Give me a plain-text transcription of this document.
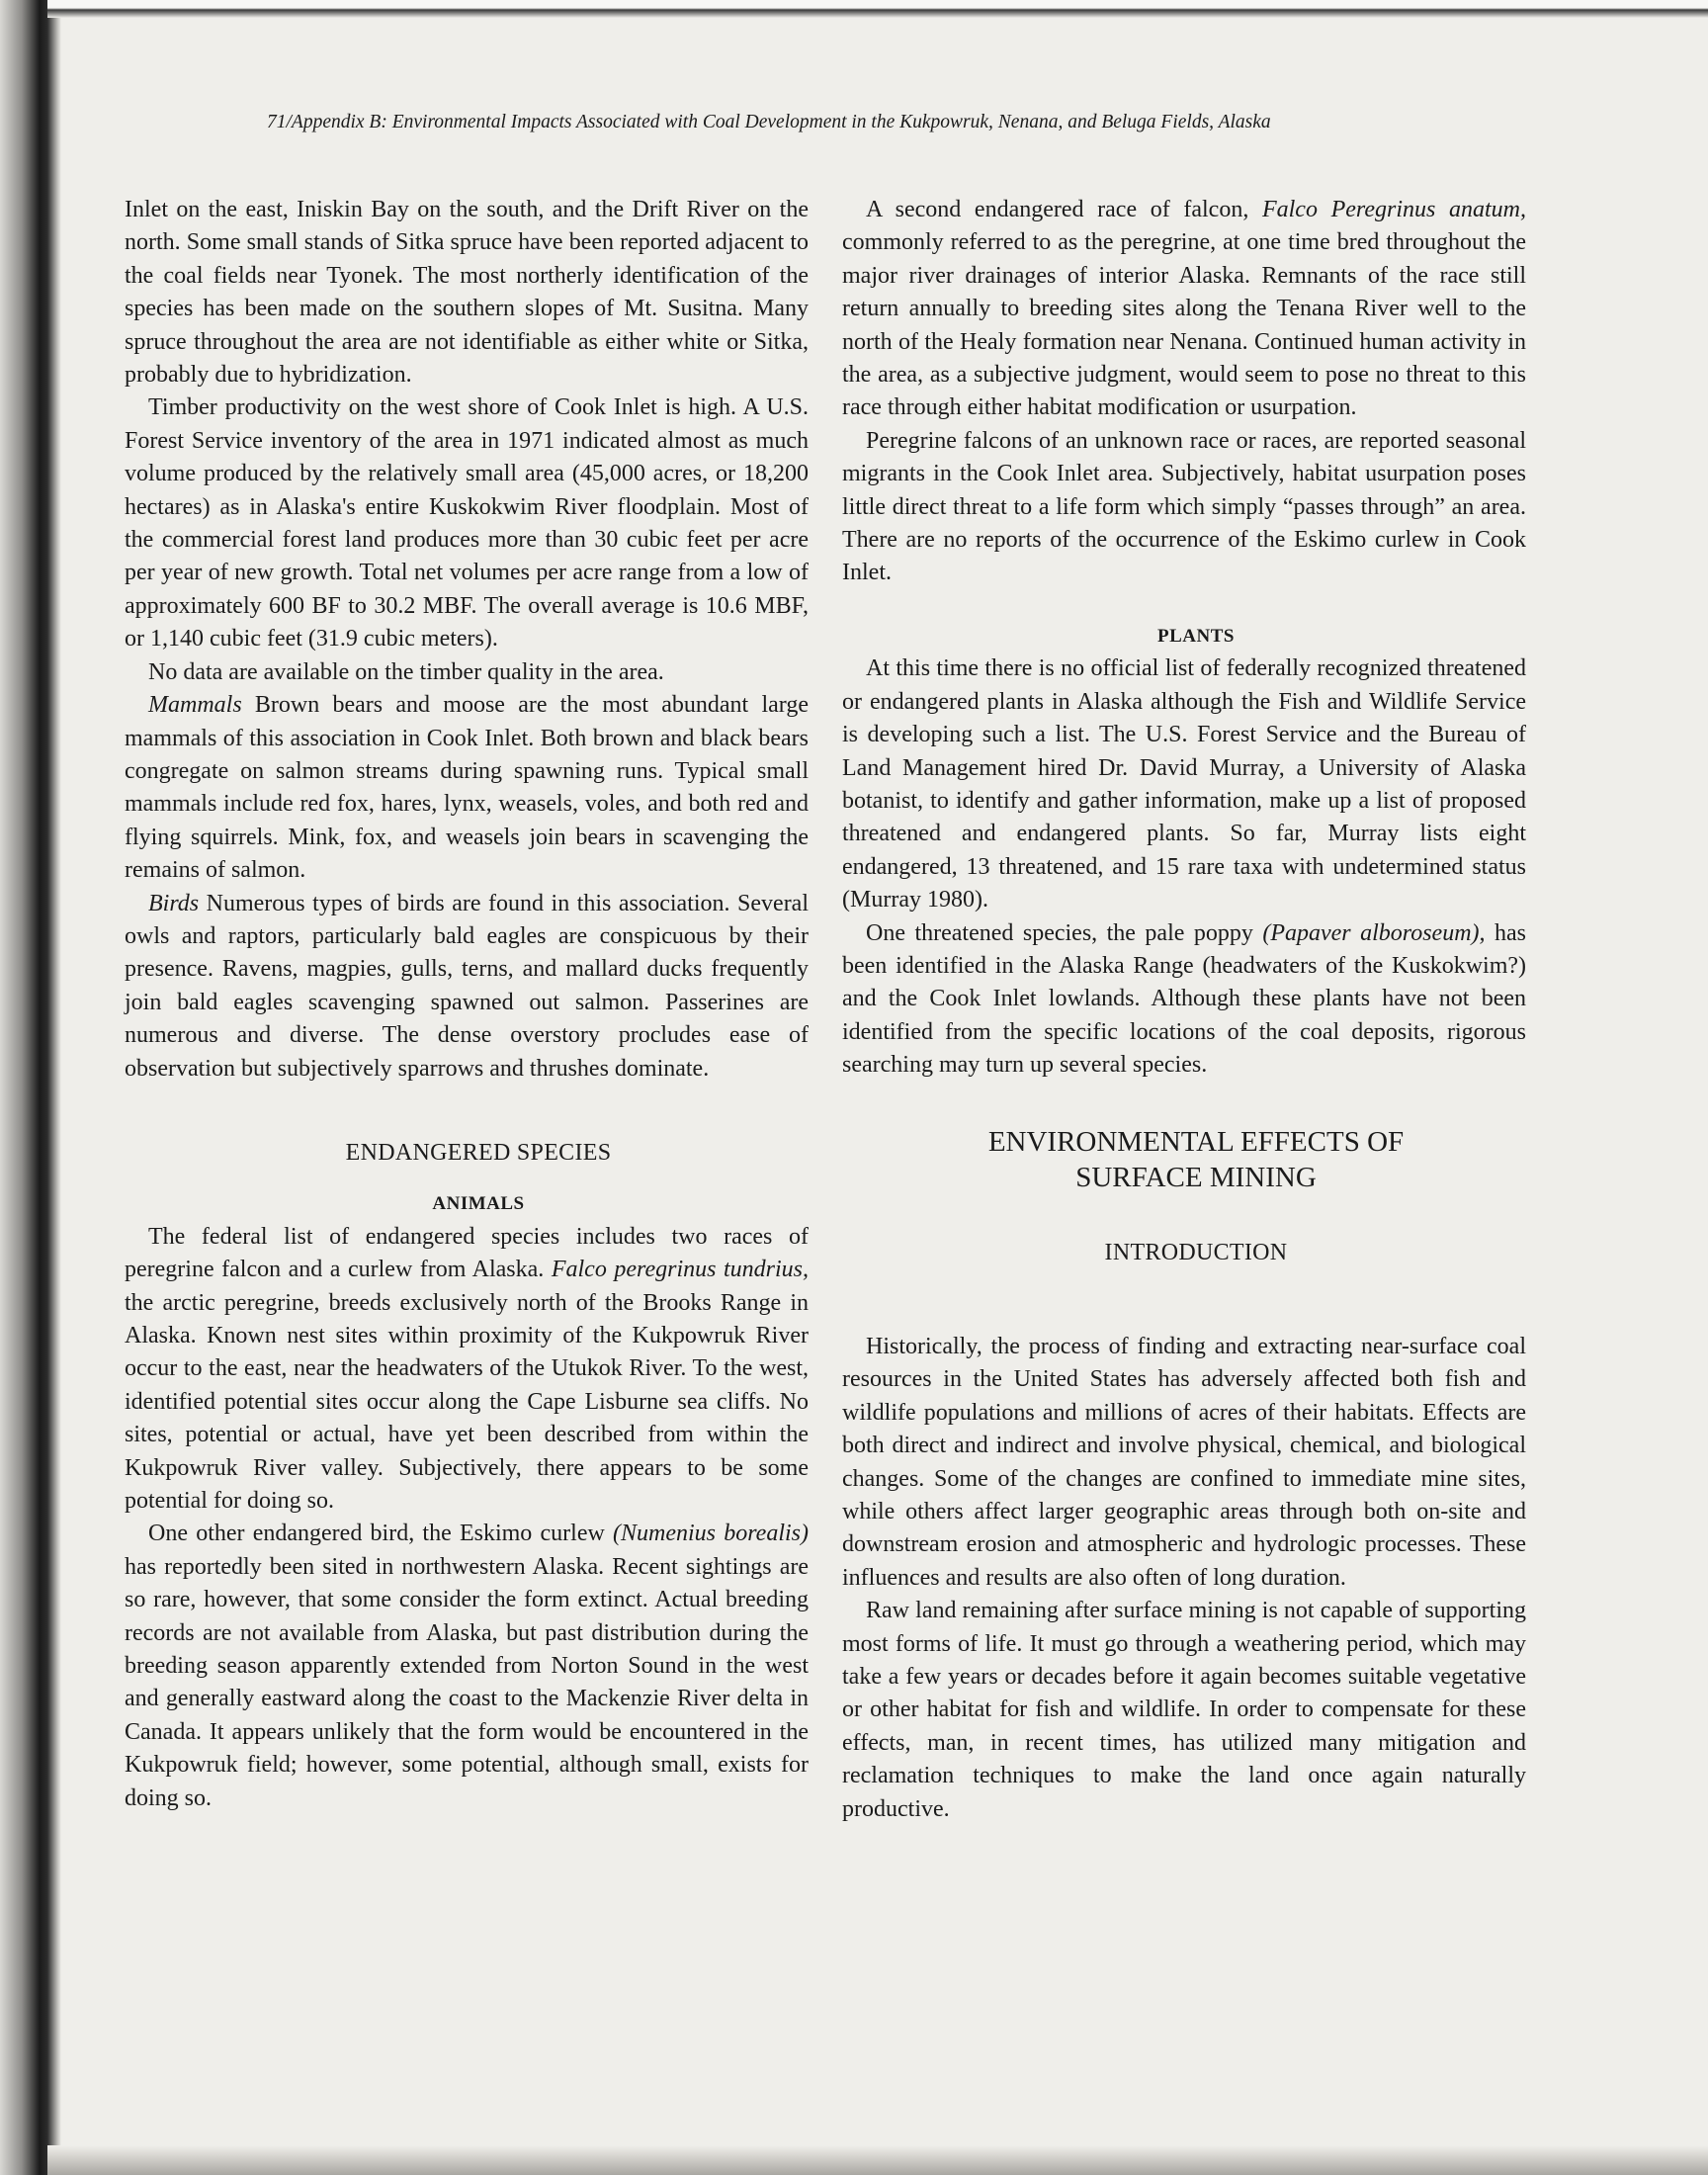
71/Appendix B: Environmental Impacts Associated with Coal Development in the Kukpowruk, Nenana, and Beluga Fields, Alaska

Inlet on the east, Iniskin Bay on the south, and the Drift River on the north. Some small stands of Sitka spruce have been reported adjacent to the coal fields near Tyonek. The most northerly identification of the species has been made on the southern slopes of Mt. Susitna. Many spruce throughout the area are not identifiable as either white or Sitka, probably due to hybridization.

Timber productivity on the west shore of Cook Inlet is high. A U.S. Forest Service inventory of the area in 1971 indicated almost as much volume produced by the relatively small area (45,000 acres, or 18,200 hectares) as in Alaska's entire Kuskokwim River floodplain. Most of the commercial forest land produces more than 30 cubic feet per acre per year of new growth. Total net volumes per acre range from a low of approximately 600 BF to 30.2 MBF. The overall average is 10.6 MBF, or 1,140 cubic feet (31.9 cubic meters).

No data are available on the timber quality in the area.

Mammals Brown bears and moose are the most abundant large mammals of this association in Cook Inlet. Both brown and black bears congregate on salmon streams during spawning runs. Typical small mammals include red fox, hares, lynx, weasels, voles, and both red and flying squirrels. Mink, fox, and weasels join bears in scavenging the remains of salmon.

Birds Numerous types of birds are found in this association. Several owls and raptors, particularly bald eagles are conspicuous by their presence. Ravens, magpies, gulls, terns, and mallard ducks frequently join bald eagles scavenging spawned out salmon. Passerines are numerous and diverse. The dense overstory procludes ease of observation but subjectively sparrows and thrushes dominate.

ENDANGERED SPECIES

ANIMALS

The federal list of endangered species includes two races of peregrine falcon and a curlew from Alaska. Falco peregrinus tundrius, the arctic peregrine, breeds exclusively north of the Brooks Range in Alaska. Known nest sites within proximity of the Kukpowruk River occur to the east, near the headwaters of the Utukok River. To the west, identified potential sites occur along the Cape Lisburne sea cliffs. No sites, potential or actual, have yet been described from within the Kukpowruk River valley. Subjectively, there appears to be some potential for doing so.

One other endangered bird, the Eskimo curlew (Numenius borealis) has reportedly been sited in northwestern Alaska. Recent sightings are so rare, however, that some consider the form extinct. Actual breeding records are not available from Alaska, but past distribution during the breeding season apparently extended from Norton Sound in the west and generally eastward along the coast to the Mackenzie River delta in Canada. It appears unlikely that the form would be encountered in the Kukpowruk field; however, some potential, although small, exists for doing so.

A second endangered race of falcon, Falco Peregrinus anatum, commonly referred to as the peregrine, at one time bred throughout the major river drainages of interior Alaska. Remnants of the race still return annually to breeding sites along the Tenana River well to the north of the Healy formation near Nenana. Continued human activity in the area, as a subjective judgment, would seem to pose no threat to this race through either habitat modification or usurpation.

Peregrine falcons of an unknown race or races, are reported seasonal migrants in the Cook Inlet area. Subjectively, habitat usurpation poses little direct threat to a life form which simply “passes through” an area. There are no reports of the occurrence of the Eskimo curlew in Cook Inlet.

PLANTS

At this time there is no official list of federally recognized threatened or endangered plants in Alaska although the Fish and Wildlife Service is developing such a list. The U.S. Forest Service and the Bureau of Land Management hired Dr. David Murray, a University of Alaska botanist, to identify and gather information, make up a list of proposed threatened and endangered plants. So far, Murray lists eight endangered, 13 threatened, and 15 rare taxa with undetermined status (Murray 1980).

One threatened species, the pale poppy (Papaver alboroseum), has been identified in the Alaska Range (headwaters of the Kuskokwim?) and the Cook Inlet lowlands. Although these plants have not been identified from the specific locations of the coal deposits, rigorous searching may turn up several species.

ENVIRONMENTAL EFFECTS OF

SURFACE MINING

INTRODUCTION

Historically, the process of finding and extracting near-surface coal resources in the United States has adversely affected both fish and wildlife populations and millions of acres of their habitats. Effects are both direct and indirect and involve physical, chemical, and biological changes. Some of the changes are confined to immediate mine sites, while others affect larger geographic areas through both on-site and downstream erosion and atmospheric and hydrologic processes. These influences and results are also often of long duration.

Raw land remaining after surface mining is not capable of supporting most forms of life. It must go through a weathering period, which may take a few years or decades before it again becomes suitable vegetative or other habitat for fish and wildlife. In order to compensate for these effects, man, in recent times, has utilized many mitigation and reclamation techniques to make the land once again naturally productive.
